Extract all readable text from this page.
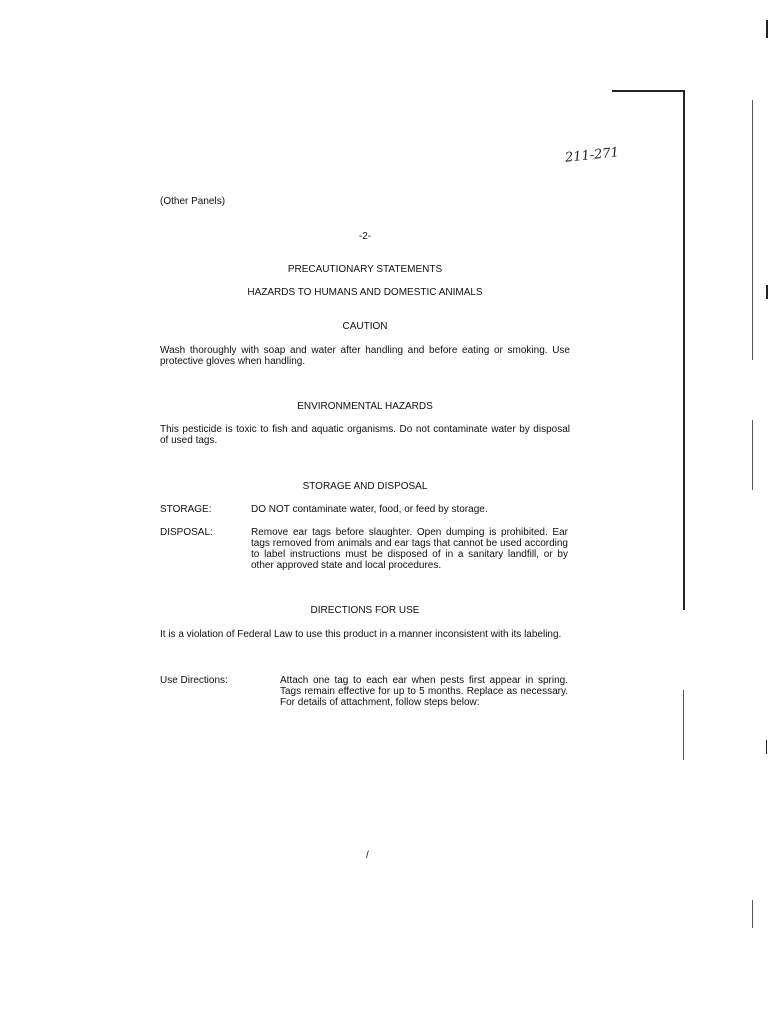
211-271
(Other Panels)
-2-
PRECAUTIONARY STATEMENTS
HAZARDS TO HUMANS AND DOMESTIC ANIMALS
CAUTION
Wash thoroughly with soap and water after handling and before eating or smoking. Use protective gloves when handling.
ENVIRONMENTAL HAZARDS
This pesticide is toxic to fish and aquatic organisms. Do not contaminate water by disposal of used tags.
STORAGE AND DISPOSAL
STORAGE:	DO NOT contaminate water, food, or feed by storage.
DISPOSAL:	Remove ear tags before slaughter. Open dumping is prohibited. Ear tags removed from animals and ear tags that cannot be used according to label instructions must be disposed of in a sanitary landfill, or by other approved state and local procedures.
DIRECTIONS FOR USE
It is a violation of Federal Law to use this product in a manner inconsistent with its labeling.
Use Directions:	Attach one tag to each ear when pests first appear in spring. Tags remain effective for up to 5 months. Replace as necessary. For details of attachment, follow steps below:
/
